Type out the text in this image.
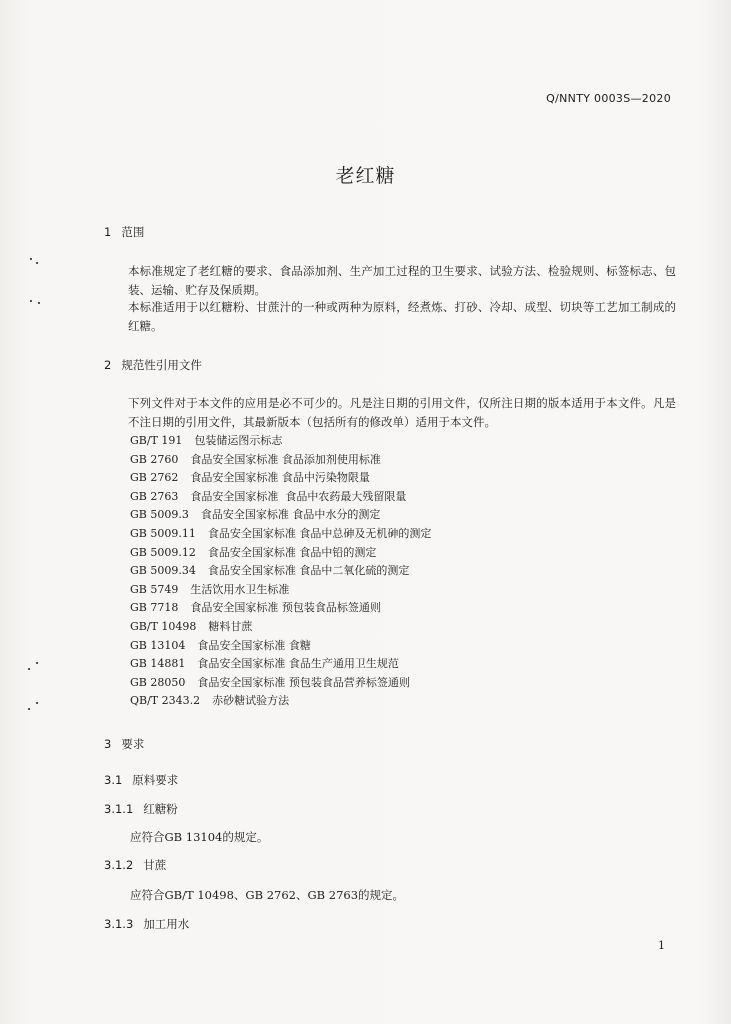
Q/NNTY 0003S—2020
老红糖
1 范围
本标准规定了老红糖的要求、食品添加剂、生产加工过程的卫生要求、试验方法、检验规则、标签标志、包装、运输、贮存及保质期。
本标准适用于以红糖粉、甘蔗汁的一种或两种为原料，经煮炼、打砂、冷却、成型、切块等工艺加工制成的红糖。
2 规范性引用文件
下列文件对于本文件的应用是必不可少的。凡是注日期的引用文件，仅所注日期的版本适用于本文件。凡是不注日期的引用文件，其最新版本（包括所有的修改单）适用于本文件。
GB/T 191 包装储运图示标志
GB 2760 食品安全国家标准 食品添加剂使用标准
GB 2762 食品安全国家标准 食品中污染物限量
GB 2763 食品安全国家标准  食品中农药最大残留限量
GB 5009.3 食品安全国家标准 食品中水分的测定
GB 5009.11 食品安全国家标准 食品中总砷及无机砷的测定
GB 5009.12 食品安全国家标准 食品中铅的测定
GB 5009.34 食品安全国家标准 食品中二氧化硫的测定
GB 5749 生活饮用水卫生标准
GB 7718 食品安全国家标准 预包装食品标签通则
GB/T 10498 糖料甘蔗
GB 13104 食品安全国家标准 食糖
GB 14881 食品安全国家标准 食品生产通用卫生规范
GB 28050 食品安全国家标准 预包装食品营养标签通则
QB/T 2343.2 赤砂糖试验方法
3 要求
3.1 原料要求
3.1.1 红糖粉
应符合GB 13104的规定。
3.1.2 甘蔗
应符合GB/T 10498、GB 2762、GB 2763的规定。
3.1.3 加工用水
1
